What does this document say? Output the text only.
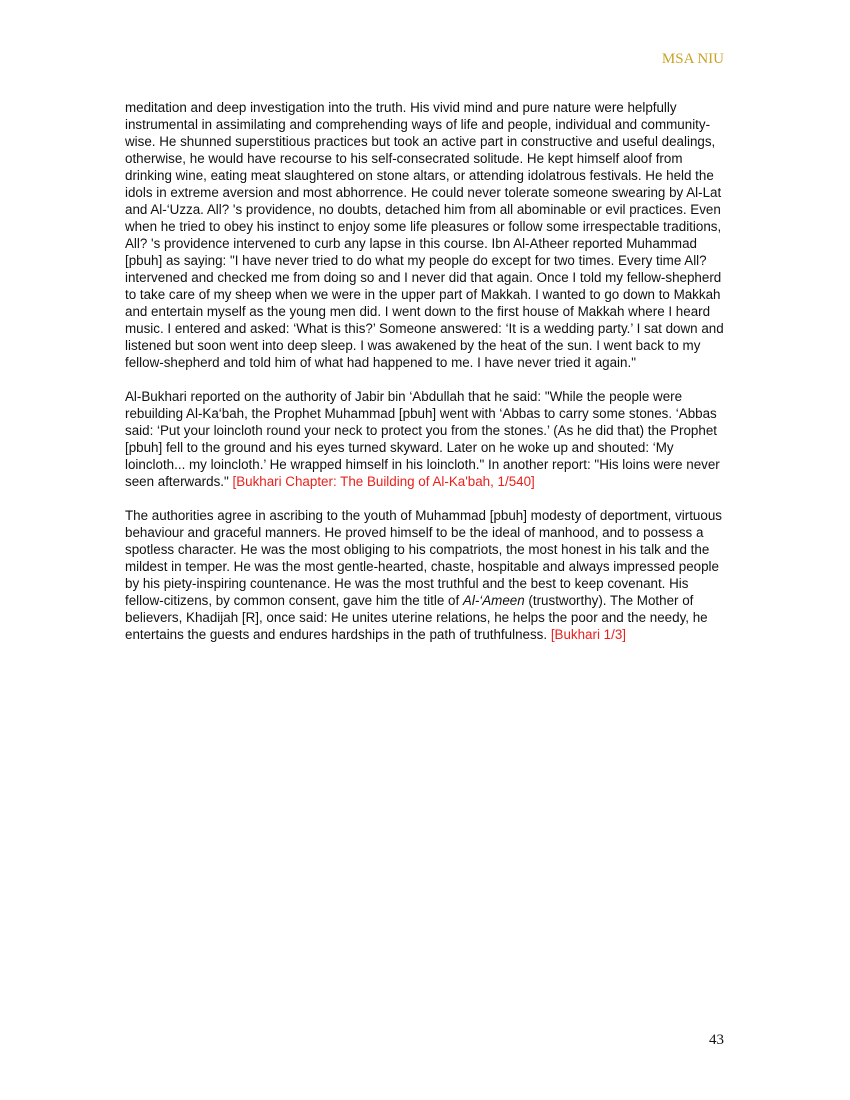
MSA NIU

meditation and deep investigation into the truth. His vivid mind and pure nature were helpfully instrumental in assimilating and comprehending ways of life and people, individual and community-wise. He shunned superstitious practices but took an active part in constructive and useful dealings, otherwise, he would have recourse to his self-consecrated solitude. He kept himself aloof from drinking wine, eating meat slaughtered on stone altars, or attending idolatrous festivals. He held the idols in extreme aversion and most abhorrence. He could never tolerate someone swearing by Al-Lat and Al-‘Uzza. All? 's providence, no doubts, detached him from all abominable or evil practices. Even when he tried to obey his instinct to enjoy some life pleasures or follow some irrespectable traditions, All? 's providence intervened to curb any lapse in this course. Ibn Al-Atheer reported Muhammad [pbuh] as saying: "I have never tried to do what my people do except for two times. Every time All? intervened and checked me from doing so and I never did that again. Once I told my fellow-shepherd to take care of my sheep when we were in the upper part of Makkah. I wanted to go down to Makkah and entertain myself as the young men did. I went down to the first house of Makkah where I heard music. I entered and asked: ‘What is this?’ Someone answered: ‘It is a wedding party.’ I sat down and listened but soon went into deep sleep. I was awakened by the heat of the sun. I went back to my fellow-shepherd and told him of what had happened to me. I have never tried it again."

Al-Bukhari reported on the authority of Jabir bin ‘Abdullah that he said: "While the people were rebuilding Al-Ka‘bah, the Prophet Muhammad [pbuh] went with ‘Abbas to carry some stones. ‘Abbas said: ‘Put your loincloth round your neck to protect you from the stones.’ (As he did that) the Prophet [pbuh] fell to the ground and his eyes turned skyward. Later on he woke up and shouted: ‘My loincloth... my loincloth.’ He wrapped himself in his loincloth." In another report: "His loins were never seen afterwards." [Bukhari Chapter: The Building of Al-Ka'bah, 1/540]

The authorities agree in ascribing to the youth of Muhammad [pbuh] modesty of deportment, virtuous behaviour and graceful manners. He proved himself to be the ideal of manhood, and to possess a spotless character. He was the most obliging to his compatriots, the most honest in his talk and the mildest in temper. He was the most gentle-hearted, chaste, hospitable and always impressed people by his piety-inspiring countenance. He was the most truthful and the best to keep covenant. His fellow-citizens, by common consent, gave him the title of Al-‘Ameen (trustworthy). The Mother of believers, Khadijah [R], once said: He unites uterine relations, he helps the poor and the needy, he entertains the guests and endures hardships in the path of truthfulness. [Bukhari 1/3]

43
